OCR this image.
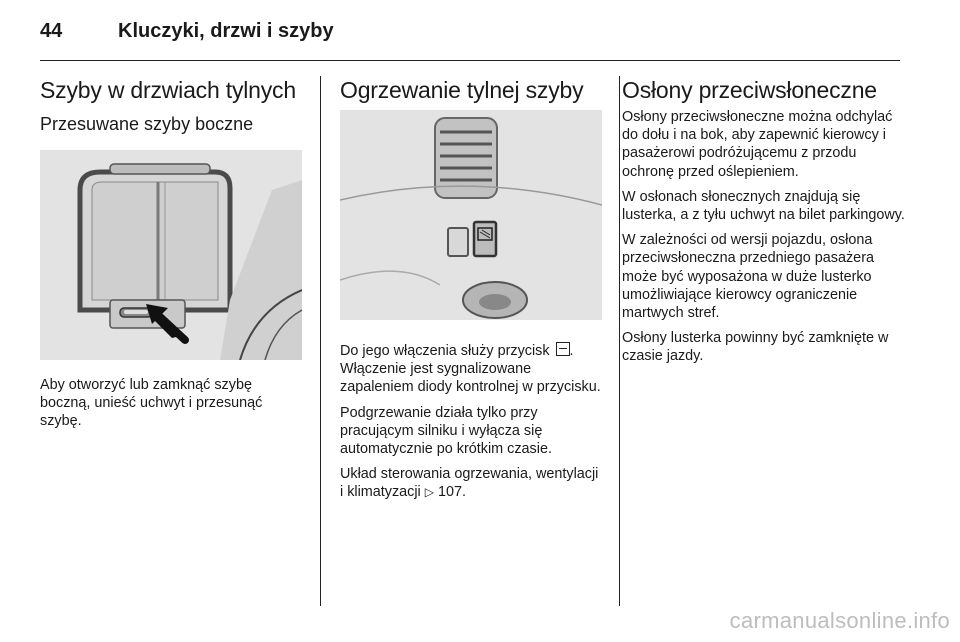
44	Kluczyki, drzwi i szyby
Szyby w drzwiach tylnych
Przesuwane szyby boczne

Aby otworzyć lub zamknąć szybę boczną, unieść uchwyt i przesunąć szybę.

Ogrzewanie tylnej szyby

Do jego włączenia służy przycisk . Włączenie jest sygnalizowane zapaleniem diody kontrolnej w przycisku.

Podgrzewanie działa tylko przy pracującym silniku i wyłącza się automatycznie po krótkim czasie.

Układ sterowania ogrzewania, wentylacji i klimatyzacji ▷ 107.

Osłony przeciwsłoneczne

Osłony przeciwsłoneczne można odchylać do dołu i na bok, aby zapewnić kierowcy i pasażerowi podróżującemu z przodu ochronę przed oślepieniem.

W osłonach słonecznych znajdują się lusterka, a z tyłu uchwyt na bilet parkingowy.

W zależności od wersji pojazdu, osłona przeciwsłoneczna przedniego pasażera może być wyposażona w duże lusterko umożliwiające kierowcy ograniczenie martwych stref.

Osłony lusterka powinny być zamknięte w czasie jazdy.

carmanualsonline.info
